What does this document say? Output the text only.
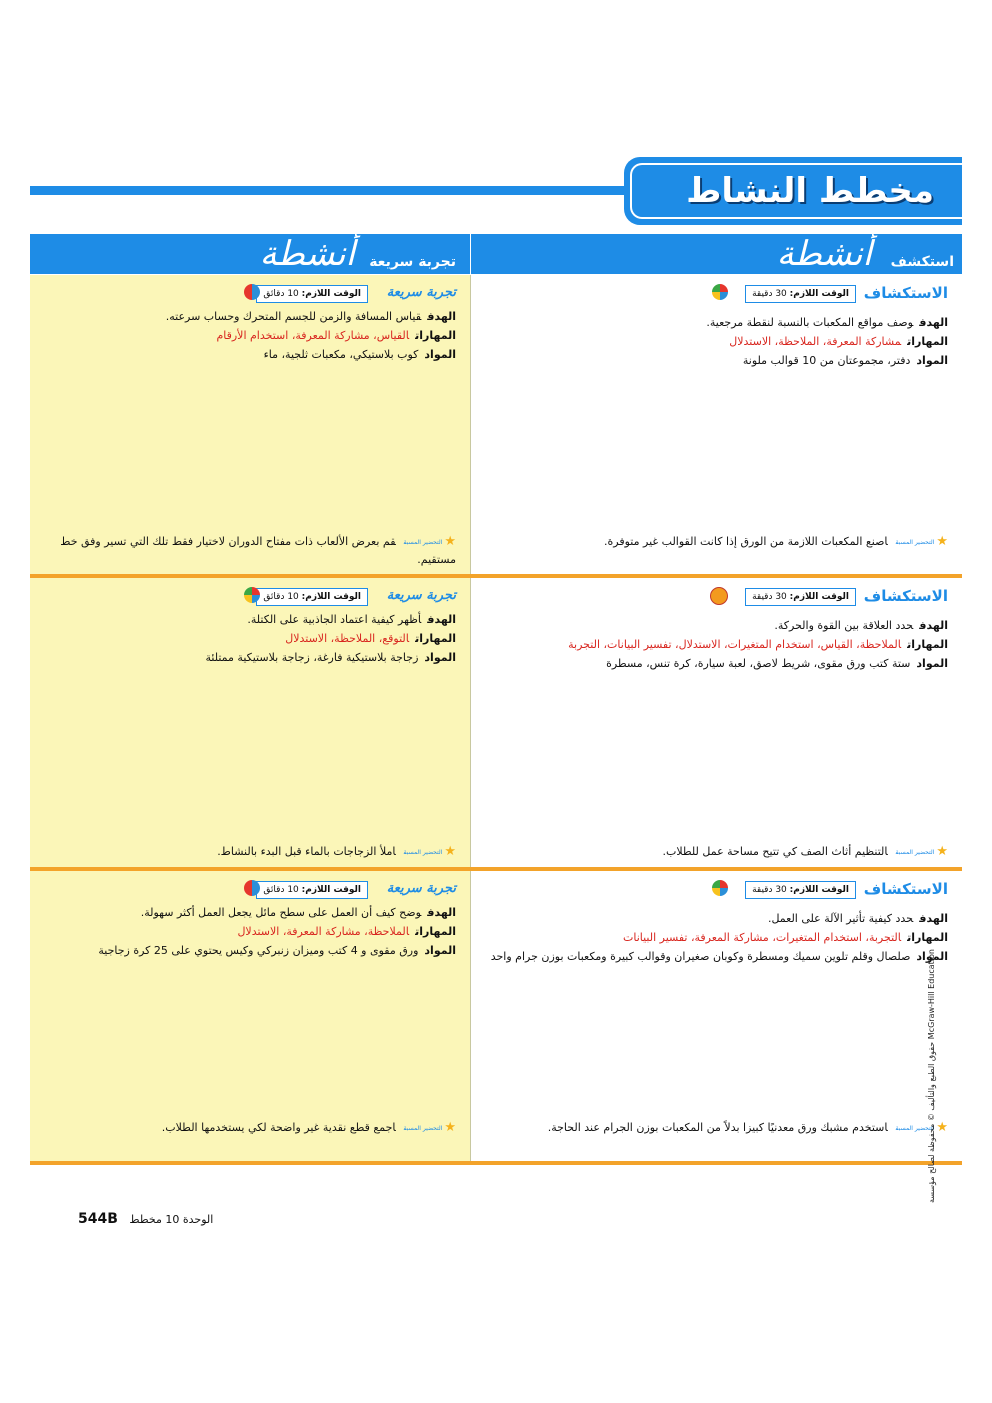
مخطط النشاط
استكشف
أنشطة
تجربة سريعة
أنشطة
الاستكشاف
الوقت اللازم: 30 دقيقة
الهدفوصف مواقع المكعبات بالنسبة لنقطة مرجعية.
المهاراتمشاركة المعرفة، الملاحظة، الاستدلال
المواددفتر، مجموعتان من 10 قوالب ملونة
★التحضير المسبقاصنع المكعبات اللازمة من الورق إذا كانت القوالب غير متوفرة.
تجربة سريعة
الوقت اللازم: 10 دقائق
الهدفقياس المسافة والزمن للجسم المتحرك وحساب سرعته.
المهاراتالقياس، مشاركة المعرفة، استخدام الأرقام
الموادكوب بلاستيكي، مكعبات ثلجية، ماء
★التحضير المسبققم بعرض الألعاب ذات مفتاح الدوران لاختيار فقط تلك التي تسير وفق خط مستقيم.
الاستكشاف
الوقت اللازم: 30 دقيقة
الهدفحدد العلاقة بين القوة والحركة.
المهاراتالملاحظة، القياس، استخدام المتغيرات، الاستدلال، تفسير البيانات، التجربة
الموادستة كتب ورق مقوى، شريط لاصق، لعبة سيارة، كرة تنس، مسطرة
★التحضير المسبقالتنظيم أثاث الصف كي تتيح مساحة عمل للطلاب.
تجربة سريعة
الوقت اللازم: 10 دقائق
الهدفأظهر كيفية اعتماد الجاذبية على الكتلة.
المهاراتالتوقع، الملاحظة، الاستدلال
الموادزجاجة بلاستيكية فارغة، زجاجة بلاستيكية ممتلئة
★التحضير المسبقاملأ الزجاجات بالماء قبل البدء بالنشاط.
الاستكشاف
الوقت اللازم: 30 دقيقة
الهدفحدد كيفية تأثير الآلة على العمل.
المهاراتالتجربة، استخدام المتغيرات، مشاركة المعرفة، تفسير البيانات
الموادصلصال وقلم تلوين سميك ومسطرة وكوبان صغيران وقوالب كبيرة ومكعبات بوزن جرام واحد
★التحضير المسبقاستخدم مشبك ورق معدنيًا كبيزا بدلاً من المكعبات بوزن الجرام عند الحاجة.
تجربة سريعة
الوقت اللازم: 10 دقائق
الهدفوضح كيف أن العمل على سطح مائل يجعل العمل أكثر سهولة.
المهاراتالملاحظة، مشاركة المعرفة، الاستدلال
الموادورق مقوى و 4 كتب وميزان زنبركي وكيس يحتوي على 25 كرة زجاجية
★التحضير المسبقاجمع قطع نقدية غير واضحة لكي يستخدمها الطلاب.	حقوق الطبع والتأليف © محفوظة لصالح مؤسسة McGraw-Hill Education
544B الوحدة 10 مخطط
